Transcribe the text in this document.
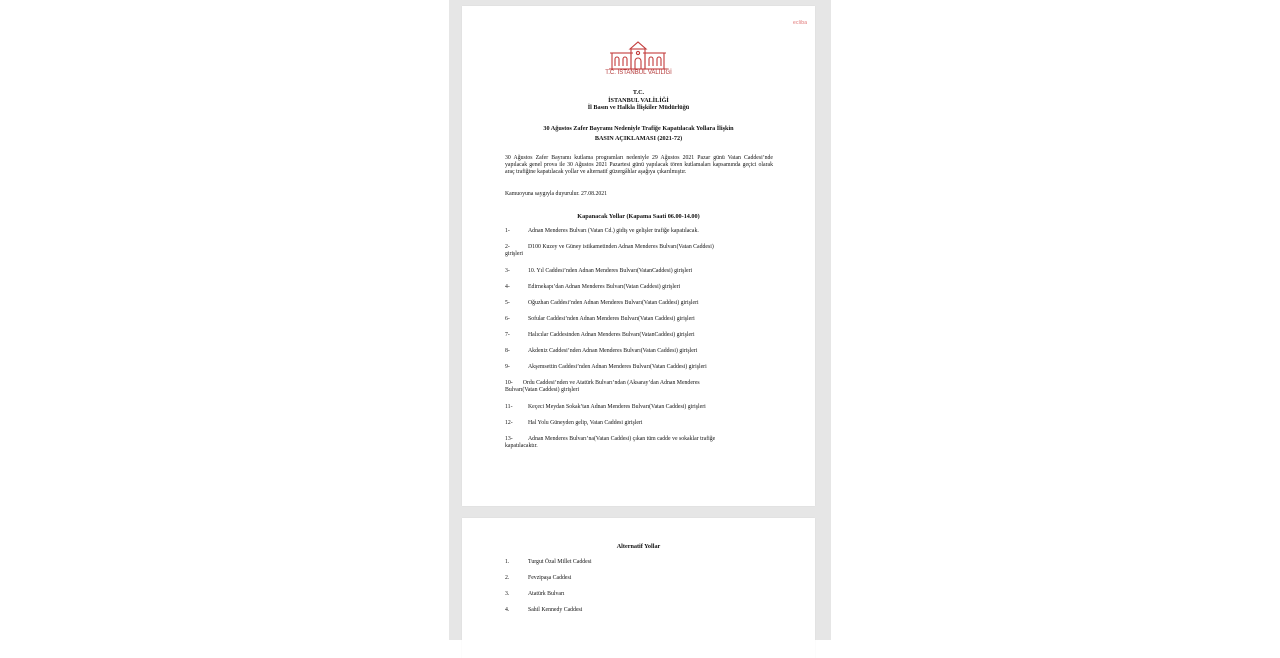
ecliba
T.C. İSTANBUL VALİLİĞİ
T.C.
İSTANBUL VALİLİĞİ
İl Basın ve Halkla İlişkiler Müdürlüğü
30 Ağustos Zafer Bayramı Nedeniyle Trafiğe Kapatılacak Yollara İlişkin
BASIN AÇIKLAMASI (2021-72)
30 Ağustos Zafer Bayramı kutlama programları nedeniyle 29 Ağustos 2021 Pazar günü Vatan Caddesi’nde yapılacak genel prova ile 30 Ağustos 2021 Pazartesi günü yapılacak tören kutlamaları kapsamında geçici olarak araç trafiğine kapatılacak yollar ve alternatif güzergâhlar aşağıya çıkarılmıştır.
Kamuoyuna saygıyla duyurulur. 27.08.2021
Kapanacak Yollar (Kapama Saati 06.00-14.00)
1-	Adnan Menderes Bulvarı (Vatan Cd.) gidiş ve gelişler trafiğe kapatılacak.
2-	D100 Kuzey ve Güney istikametinden Adnan Menderes Bulvarı(Vatan Caddesi)
girişleri
3-	10. Yıl Caddesi’nden Adnan Menderes Bulvarı(VatanCaddesi) girişleri
4-	Edirnekapı’dan Adnan Menderes Bulvarı(Vatan Caddesi) girişleri
5-	Oğuzhan Caddesi’nden Adnan Menderes Bulvarı(Vatan Caddesi) girişleri
6-	Sofular Caddesi’nden Adnan Menderes Bulvarı(Vatan Caddesi) girişleri
7-	Halıcılar Caddesinden Adnan Menderes Bulvarı(VatanCaddesi) girişleri
8-	Akdeniz Caddesi’nden Adnan Menderes Bulvarı(Vatan Caddesi) girişleri
9-	Akşemsettin Caddesi’nden Adnan Menderes Bulvarı(Vatan Caddesi) girişleri
10- Ordu Caddesi’nden ve Atatürk Bulvarı’ndan (Aksaray’dan Adnan Menderes
Bulvarı(Vatan Caddesi) girişleri
11-	Keçeci Meydan Sokak’tan Adnan Menderes Bulvarı(Vatan Caddesi) girişleri
12-	Hal Yolu Güneyden gelip, Vatan Caddesi girişleri
13-	Adnan Menderes Bulvarı’na(Vatan Caddesi) çıkan tüm cadde ve sokaklar trafiğe
kapatılacaktır.
Alternatif Yollar
1.	Turgut Özal Millet Caddesi
2.	Fevzipaşa Caddesi
3.	Atatürk Bulvarı
4.	Sahil Kennedy Caddesi
